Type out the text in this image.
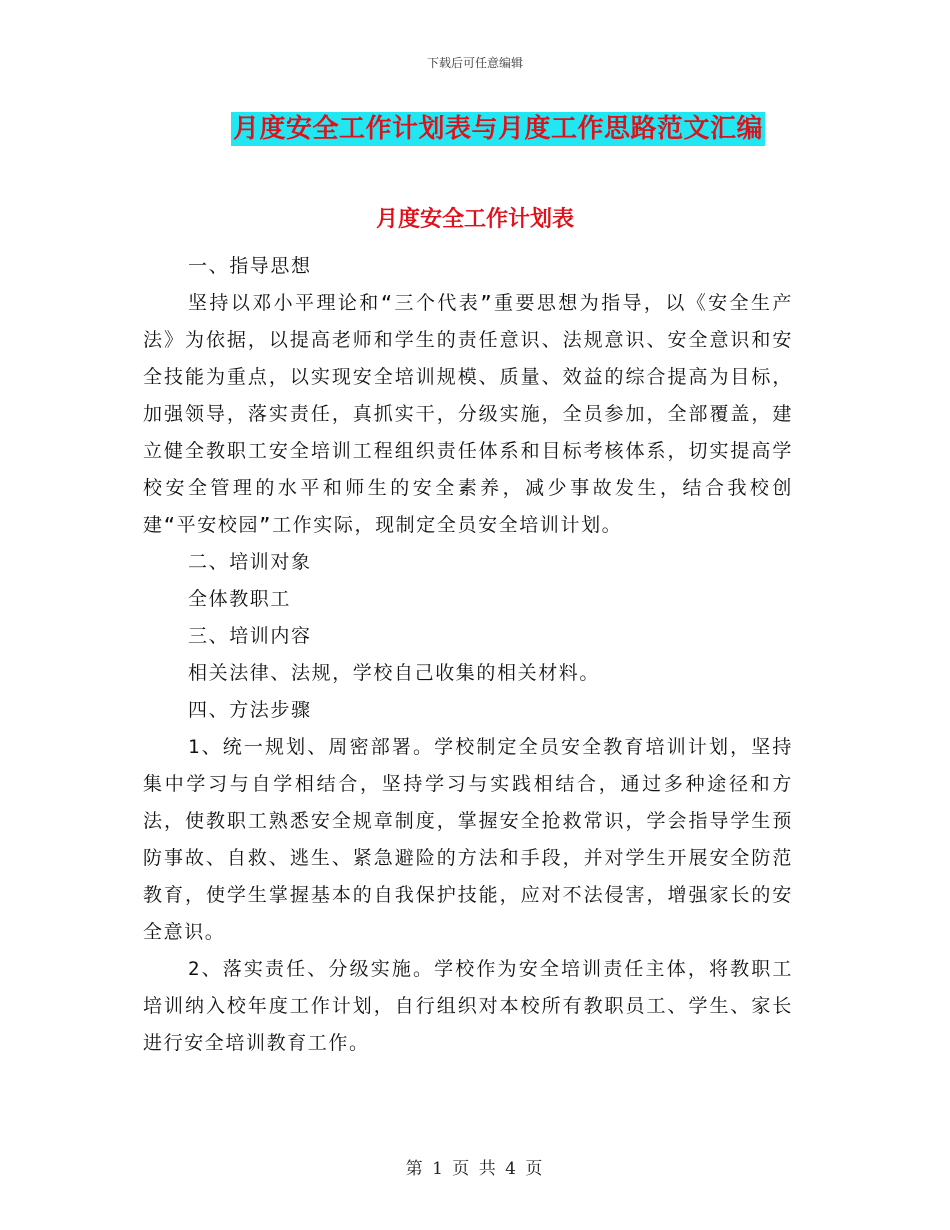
下载后可任意编辑
月度安全工作计划表与月度工作思路范文汇编
月度安全工作计划表

一、指导思想

坚持以邓小平理论和“三个代表”重要思想为指导，以《安全生产法》为依据，以提高老师和学生的责任意识、法规意识、安全意识和安全技能为重点，以实现安全培训规模、质量、效益的综合提高为目标，加强领导，落实责任，真抓实干，分级实施，全员参加，全部覆盖，建立健全教职工安全培训工程组织责任体系和目标考核体系，切实提高学校安全管理的水平和师生的安全素养，减少事故发生，结合我校创建“平安校园”工作实际，现制定全员安全培训计划。

二、培训对象

全体教职工

三、培训内容

相关法律、法规，学校自己收集的相关材料。

四、方法步骤

1、统一规划、周密部署。学校制定全员安全教育培训计划，坚持集中学习与自学相结合，坚持学习与实践相结合，通过多种途径和方法，使教职工熟悉安全规章制度，掌握安全抢救常识，学会指导学生预防事故、自救、逃生、紧急避险的方法和手段，并对学生开展安全防范教育，使学生掌握基本的自我保护技能，应对不法侵害，增强家长的安全意识。

2、落实责任、分级实施。学校作为安全培训责任主体，将教职工培训纳入校年度工作计划，自行组织对本校所有教职员工、学生、家长进行安全培训教育工作。

第 1 页 共 4 页
